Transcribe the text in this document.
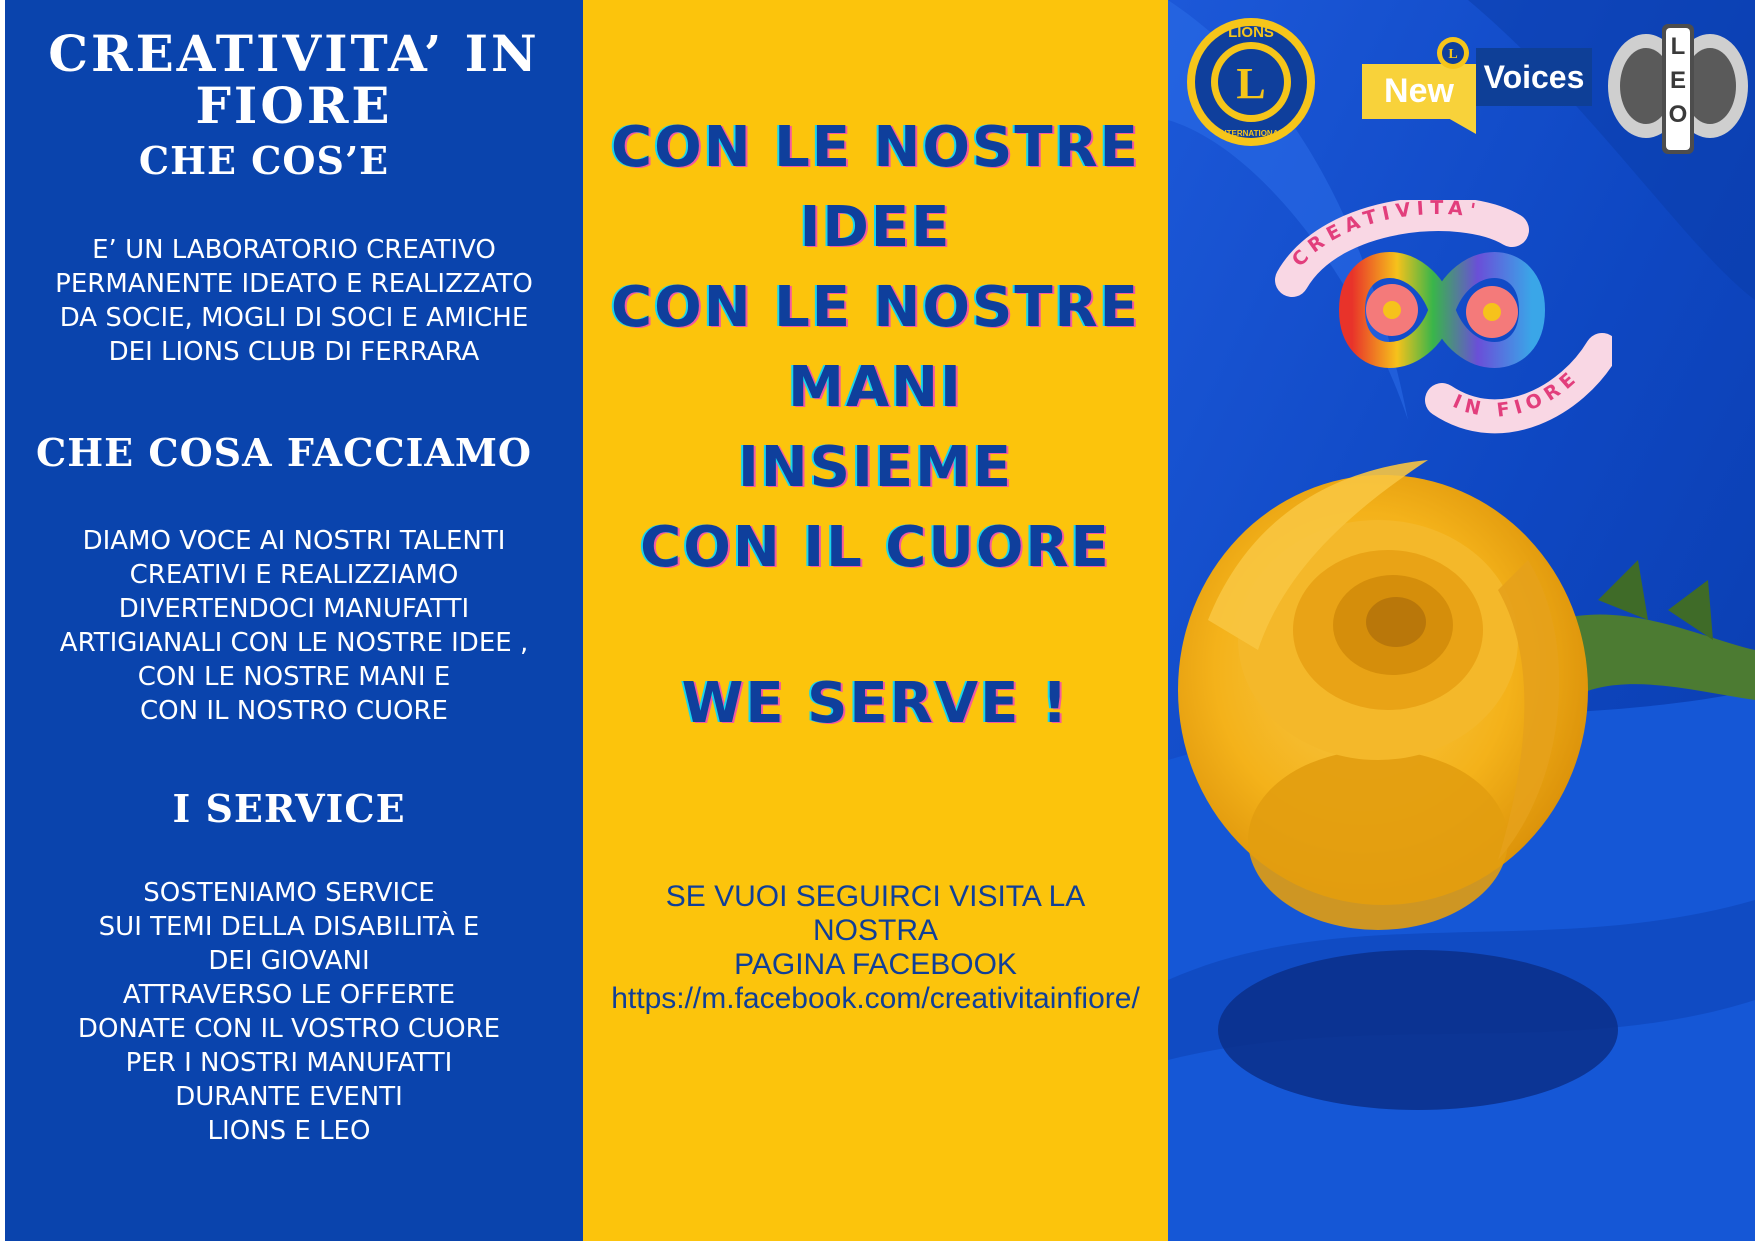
CREATIVITA’ IN
FIORE
CHE COS’E
E’ UN LABORATORIO CREATIVO
PERMANENTE IDEATO E REALIZZATO
DA SOCIE, MOGLI DI SOCI E AMICHE
DEI LIONS CLUB DI FERRARA
CHE COSA FACCIAMO
DIAMO VOCE AI NOSTRI TALENTI
CREATIVI E REALIZZIAMO
DIVERTENDOCI MANUFATTI
ARTIGIANALI CON LE NOSTRE IDEE ,
CON LE NOSTRE MANI E
CON IL NOSTRO CUORE
I SERVICE
SOSTENIAMO SERVICE
SUI TEMI DELLA DISABILITÀ E
DEI GIOVANI
ATTRAVERSO LE OFFERTE
DONATE CON IL VOSTRO CUORE
PER I NOSTRI MANUFATTI
DURANTE EVENTI
LIONS E LEO
CON LE NOSTRE
IDEE
CON LE NOSTRE
MANI
INSIEME
CON IL CUORE
WE SERVE !
SE VUOI SEGUIRCI VISITA LA
NOSTRA
PAGINA FACEBOOK
https://m.facebook.com/creativitainfiore/
LIONS
L
INTERNATIONAL
Voices
New
L	L
E
O
CREATIVITA'
IN FIORE
